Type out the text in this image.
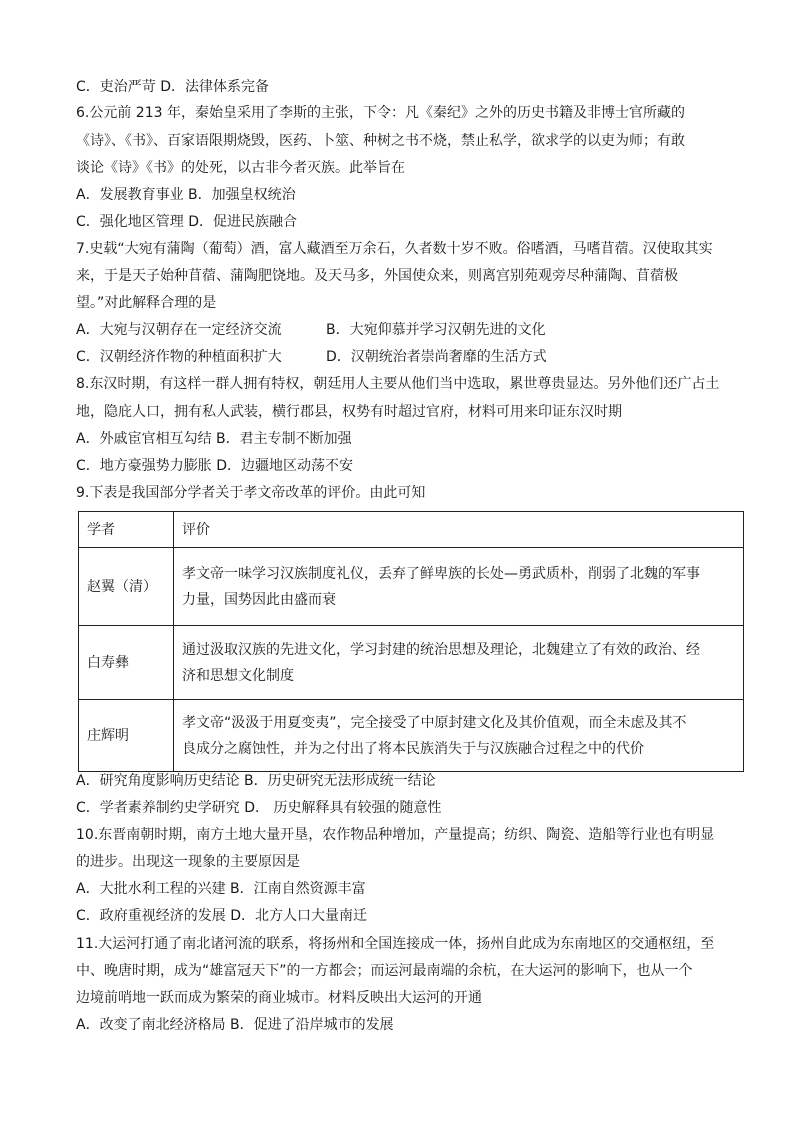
C．吏治严苛 D．法律体系完备
6.公元前 213 年，秦始皇采用了李斯的主张，下令：凡《秦纪》之外的历史书籍及非博士官所藏的
《诗》、《书》、百家语限期烧毁，医药、卜筮、种树之书不烧，禁止私学，欲求学的以吏为师；有敢
谈论《诗》《书》的处死，以古非今者灭族。此举旨在
A．发展教育事业 B．加强皇权统治
C．强化地区管理 D．促进民族融合
7.史载“大宛有蒲陶（葡萄）酒，富人藏酒至万余石，久者数十岁不败。俗嗜酒，马嗜苜蓿。汉使取其实
来，于是天子始种苜蓿、蒲陶肥饶地。及天马多，外国使众来，则离宫别苑观旁尽种蒲陶、苜蓿极
望。”对此解释合理的是
A．大宛与汉朝存在一定经济交流	B．大宛仰慕并学习汉朝先进的文化
C．汉朝经济作物的种植面积扩大	D．汉朝统治者崇尚奢靡的生活方式
8.东汉时期，有这样一群人拥有特权，朝廷用人主要从他们当中选取，累世尊贵显达。另外他们还广占土
地，隐庇人口，拥有私人武装，横行郡县，权势有时超过官府，材料可用来印证东汉时期
A．外戚宦官相互勾结 B．君主专制不断加强
C．地方豪强势力膨胀 D．边疆地区动荡不安
9.下表是我国部分学者关于孝文帝改革的评价。由此可知
学者	评价
赵翼（清）	孝文帝一味学习汉族制度礼仪，丢弃了鲜卑族的长处—勇武质朴，削弱了北魏的军事
力量，国势因此由盛而衰

白寿彝	通过汲取汉族的先进文化，学习封建的统治思想及理论，北魏建立了有效的政治、经
济和思想文化制度

庄辉明	孝文帝“汲汲于用夏变夷”，完全接受了中原封建文化及其价值观，而全未虑及其不
良成分之腐蚀性，并为之付出了将本民族消失于与汉族融合过程之中的代价
A．研究角度影响历史结论 B．历史研究无法形成统一结论
C．学者素养制约史学研究 D． 历史解释具有较强的随意性
10.东晋南朝时期，南方土地大量开垦，农作物品种增加，产量提高；纺织、陶瓷、造船等行业也有明显
的进步。出现这一现象的主要原因是
A．大批水利工程的兴建 B．江南自然资源丰富
C．政府重视经济的发展 D．北方人口大量南迁
11.大运河打通了南北诸河流的联系，将扬州和全国连接成一体，扬州自此成为东南地区的交通枢纽，至
中、晚唐时期，成为“雄富冠天下”的一方都会；而运河最南端的余杭，在大运河的影响下，也从一个
边境前哨地一跃而成为繁荣的商业城市。材料反映出大运河的开通
A．改变了南北经济格局 B．促进了沿岸城市的发展
